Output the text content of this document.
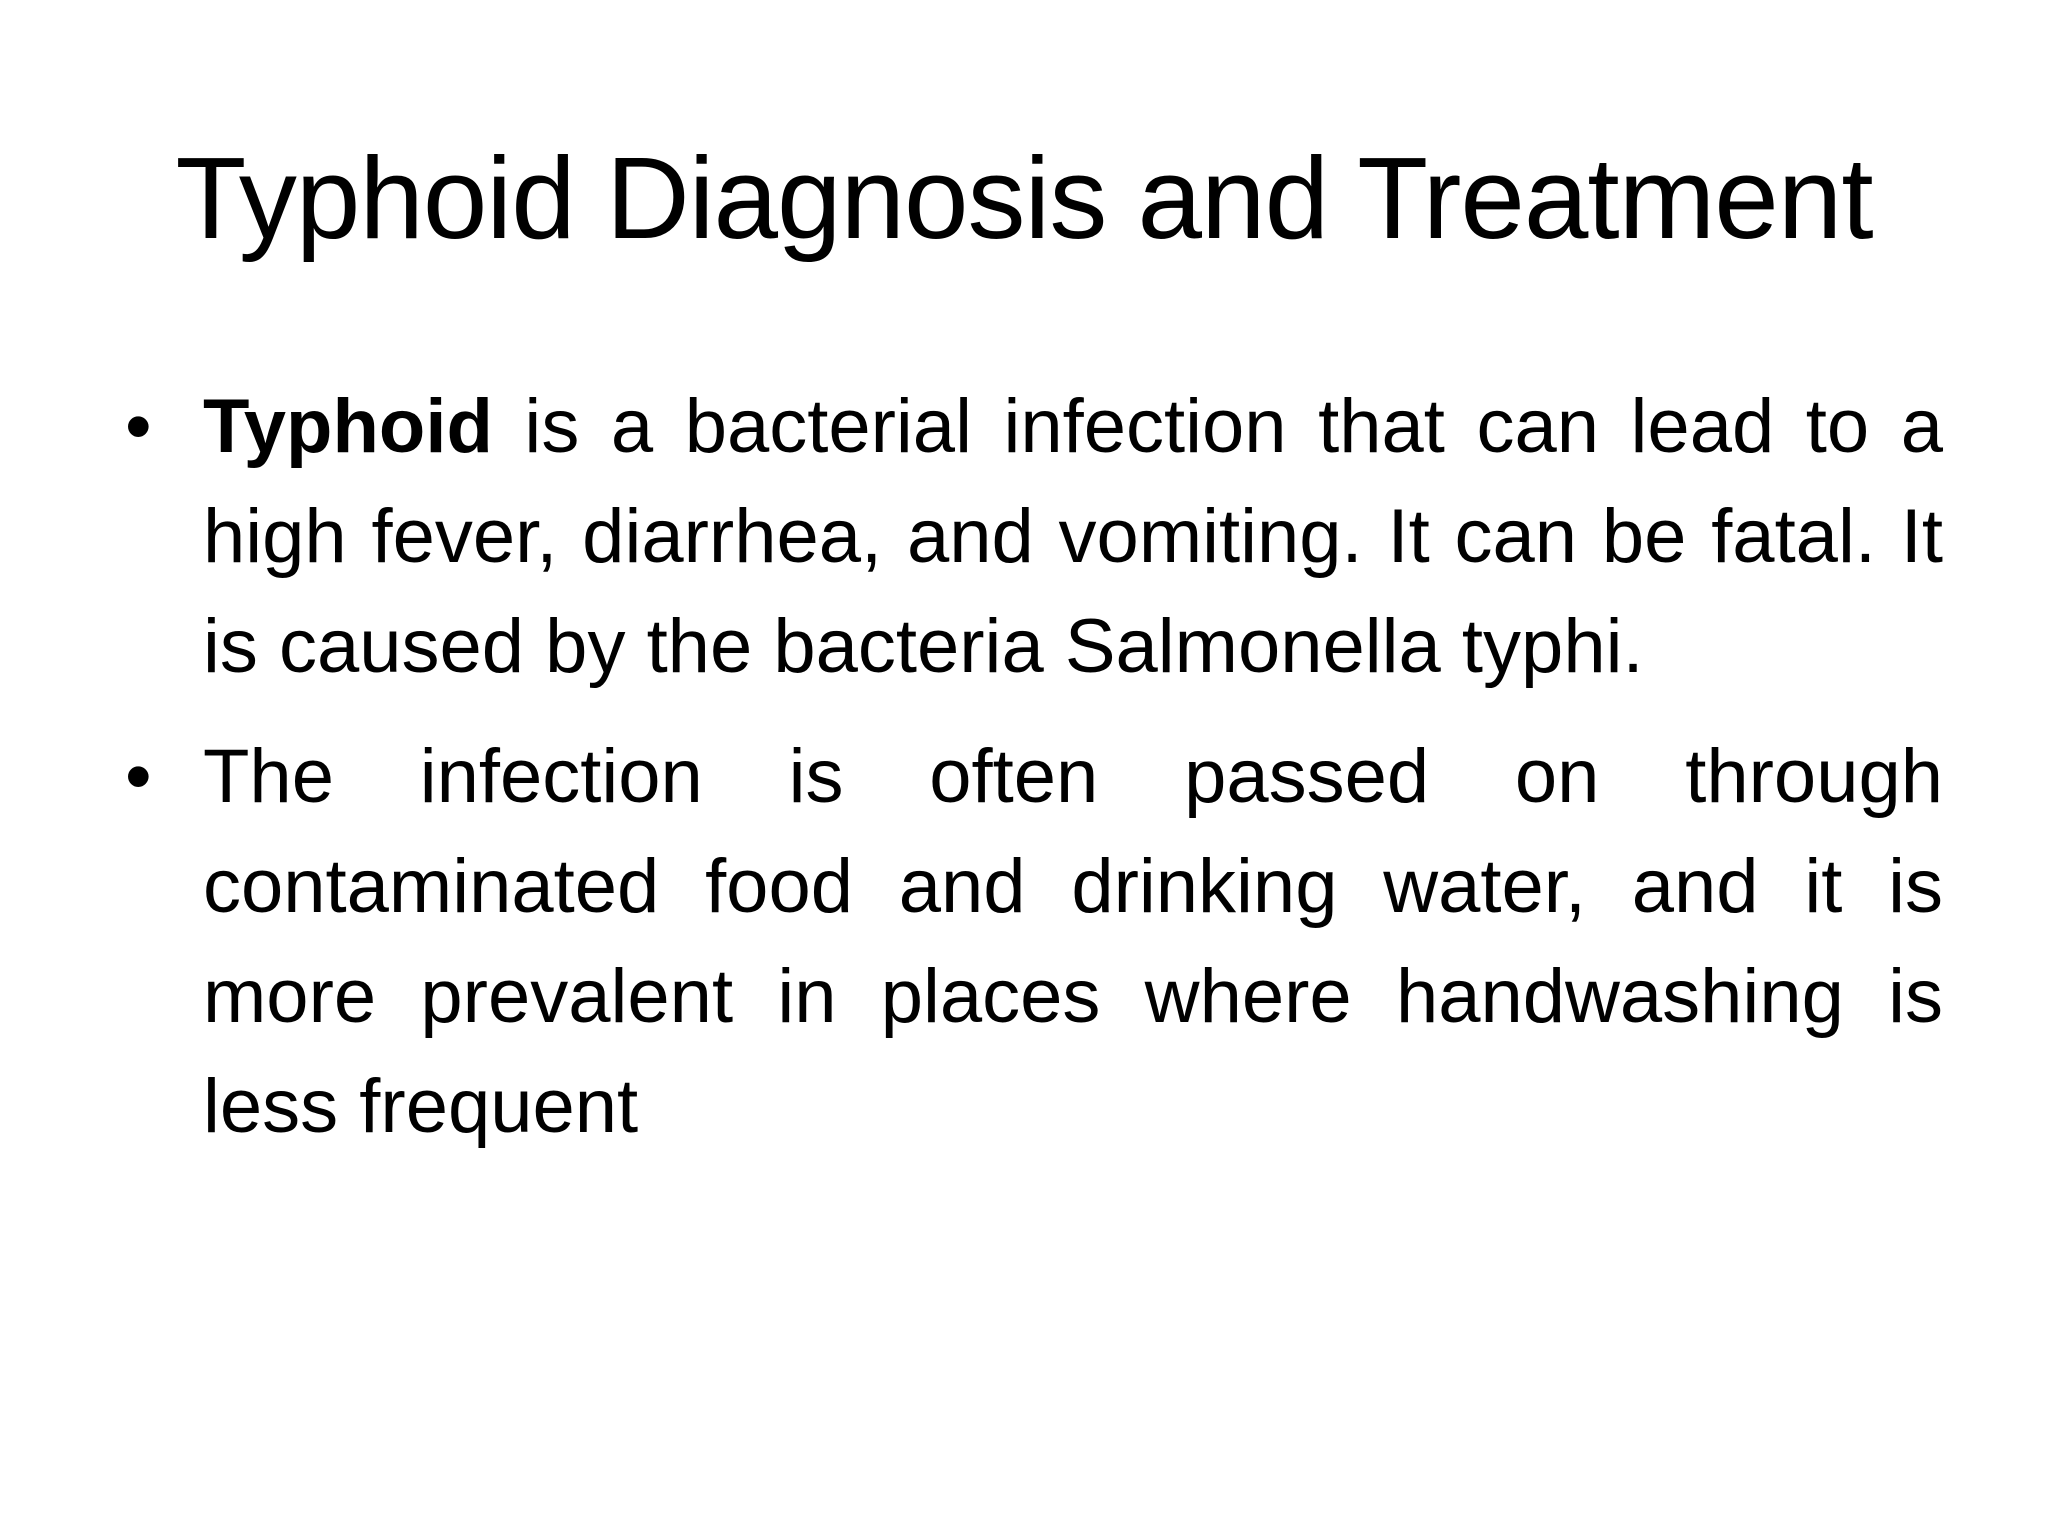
Typhoid Diagnosis and Treatment
• Typhoid is a bacterial infection that can lead to a high fever, diarrhea, and vomiting. It can be fatal. It is caused by the bacteria Salmonella typhi.
• The infection is often passed on through contaminated food and drinking water, and it is more prevalent in places where handwashing is less frequent
